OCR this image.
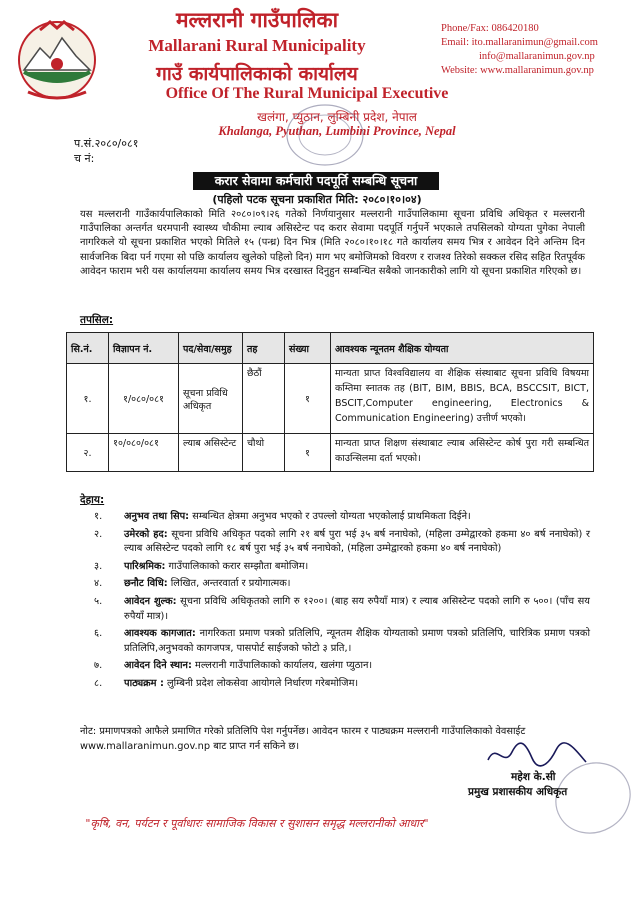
मल्लरानी गाउँपालिका
Mallarani Rural Municipality
गाउँ कार्यपालिकाको कार्यालय
Office Of The Rural Municipal Executive
खलंगा, प्युठान, लुम्बिनी प्रदेश, नेपाल
Khalanga, Pyuthan, Lumbini Province, Nepal
Phone/Fax: 086420180
Email: ito.mallaranimun@gmail.com
info@mallaranimun.gov.np
Website: www.mallaranimun.gov.np
प.सं.२०८०/०८१
च नं:
करार सेवामा कर्मचारी पदपूर्ति सम्बन्धि सूचना
(पहिलो पटक सूचना प्रकाशित मिति: २०८०।१०।०४)
यस मल्लरानी गाउँकार्यपालिकाको मिति २०८०।०९।२६ गतेको निर्णयानुसार मल्लरानी गाउँपालिकामा सूचना प्रविधि अधिकृत र मल्लरानी गाउँपालिका अन्तर्गत धरमपानी स्वास्थ्य चौकीमा ल्याब असिस्टेन्ट पद करार सेवामा पदपूर्ति गर्नुपर्ने भएकाले तपसिलको योग्यता पुगेका नेपाली नागरिकले यो सूचना प्रकाशित भएको मितिले १५ (पन्ध्र) दिन भित्र (मिति २०८०।१०।१८ गते कार्यालय समय भित्र र आवेदन दिने अन्तिम दिन सार्वजनिक बिदा पर्न गएमा सो पछि कार्यालय खुलेको पहिलो दिन) माग भए बमोजिमको विवरण र राजश्व तिरेको सक्कल रसिद सहित रितपूर्वक आवेदन फाराम भरी यस कार्यालयमा कार्यालय समय भित्र दरखास्त दिनुहुन सम्बन्धित सबैको जानकारीको लागि यो सूचना प्रकाशित गरिएको छ।
तपसिल:
सि.नं.	विज्ञापन नं.	पद/सेवा/समुह	तह	संख्या	आवश्यक न्यूनतम शैक्षिक योग्यता
१.	१/०८०/०८१	सूचना प्रविधि अधिकृत	छैठौं	१	मान्यता प्राप्त विश्वविद्यालय वा शैक्षिक संस्थाबाट सूचना प्रविधि विषयमा कम्तिमा स्नातक तह (BIT, BIM, BBIS, BCA, BSCCSIT, BICT, BSCIT,Computer engineering, Electronics & Communication Engineering) उत्तीर्ण भएको।
२.	१०/०८०/०८१	ल्याब असिस्टेन्ट	चौथो	१	मान्यता प्राप्त शिक्षण संस्थाबाट ल्याब असिस्टेन्ट कोर्ष पुरा गरी सम्बन्धित काउन्सिलमा दर्ता भएको।
देहाय:
१. अनुभव तथा सिप: सम्बन्धित क्षेत्रमा अनुभव भएको र उपल्लो योग्यता भएकोलाई प्राथमिकता दिईने।
२. उमेरको हद: सूचना प्रविधि अधिकृत पदको लागि २१ बर्ष पुरा भई ३५ बर्ष ननाघेको, (महिला उम्मेद्वारको हकमा ४० बर्ष ननाघेको) र ल्याब असिस्टेन्ट पदको लागि १८ बर्ष पुरा भई ३५ बर्ष ननाघेको, (महिला उम्मेद्वारको हकमा ४० बर्ष ननाघेको)
३. पारिश्रमिक: गाउँपालिकाको करार सम्झौता बमोजिम।
४. छनौट विधि: लिखित, अन्तरवार्ता र प्रयोगात्मक।
५. आवेदन शुल्क: सूचना प्रविधि अधिकृतको लागि रु १२००। (बाह सय रुपैयाँ मात्र) र ल्याब असिस्टेन्ट पदको लागि रु ५००। (पाँच सय रुपैयाँ मात्र)।
६. आवश्यक कागजात: नागरिकता प्रमाण पत्रको प्रतिलिपि, न्यूनतम शैक्षिक योग्यताको प्रमाण पत्रको प्रतिलिपि, चारित्रिक प्रमाण पत्रको प्रतिलिपि,अनुभवको कागजपत्र, पासपोर्ट साईजको फोटो ३ प्रति,।
७. आवेदन दिने स्थान: मल्लरानी गाउँपालिकाको कार्यालय, खलंगा प्युठान।
८. पाठ्यक्रम : लुम्बिनी प्रदेश लोकसेवा आयोगले निर्धारण गरेबमोजिम।
नोट: प्रमाणपत्रको आफैले प्रमाणित गरेको प्रतिलिपि पेश गर्नुपर्नेछ। आवेदन फारम र पाठ्यक्रम मल्लरानी गाउँपालिकाको वेवसाईट www.mallaranimun.gov.np बाट प्राप्त गर्न सकिने छ।
महेश के.सी
प्रमुख प्रशासकीय अधिकृत
"कृषि, वन, पर्यटन र पूर्वाधारः सामाजिक विकास र सुशासन समृद्ध मल्लरानीको आधार"
